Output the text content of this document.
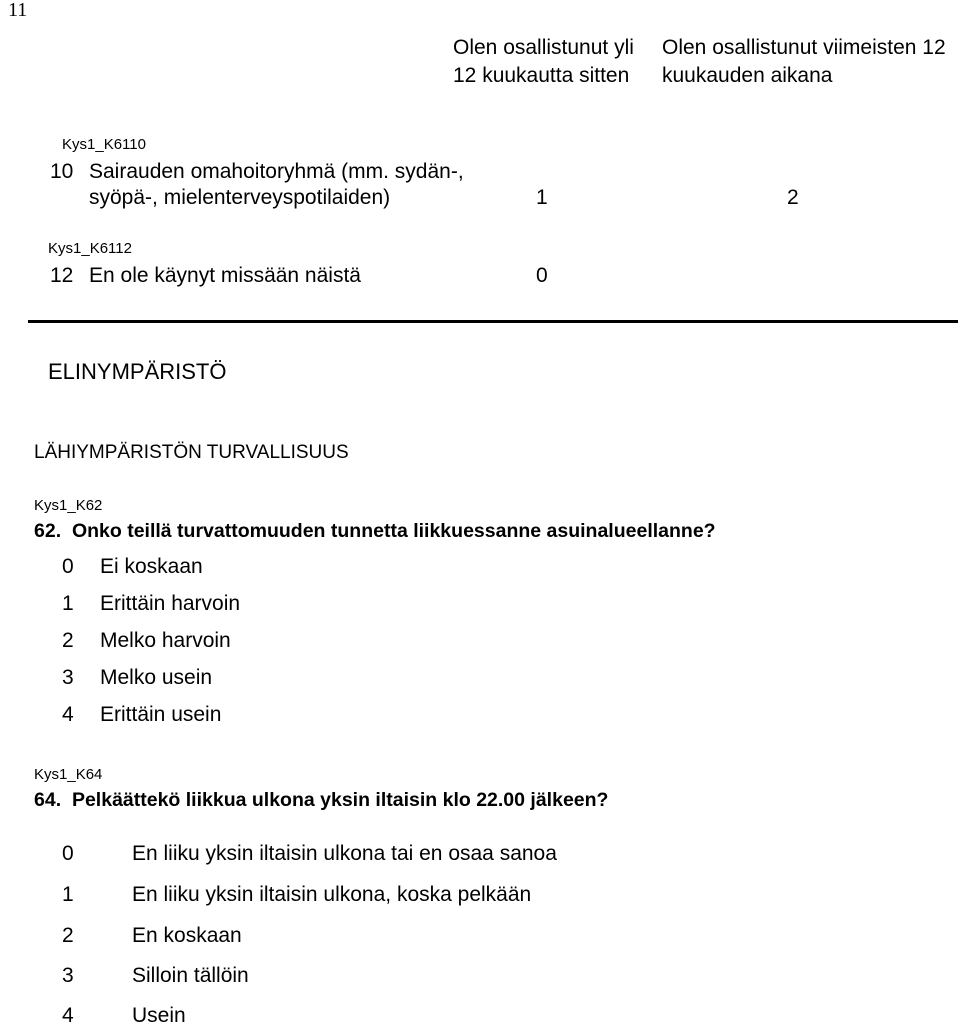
11
Olen osallistunut yli 12 kuukautta sitten
Olen osallistunut viimeisten 12 kuukauden aikana
Kys1_K6110
10 Sairauden omahoitoryhmä (mm. sydän-,
syöpä-, mielenterveyspotilaiden)	1	2
Kys1_K6112
12 En ole käynyt missään näistä	0
ELINYMPÄRISTÖ
LÄHIYMPÄRISTÖN TURVALLISUUS
Kys1_K62
62. Onko teillä turvattomuuden tunnetta liikkuessanne asuinalueellanne?
0 Ei koskaan
1 Erittäin harvoin
2 Melko harvoin
3 Melko usein
4 Erittäin usein
Kys1_K64
64. Pelkäättekö liikkua ulkona yksin iltaisin klo 22.00 jälkeen?
0	En liiku yksin iltaisin ulkona tai en osaa sanoa
1	En liiku yksin iltaisin ulkona, koska pelkään
2	En koskaan
3	Silloin tällöin
4	Usein
